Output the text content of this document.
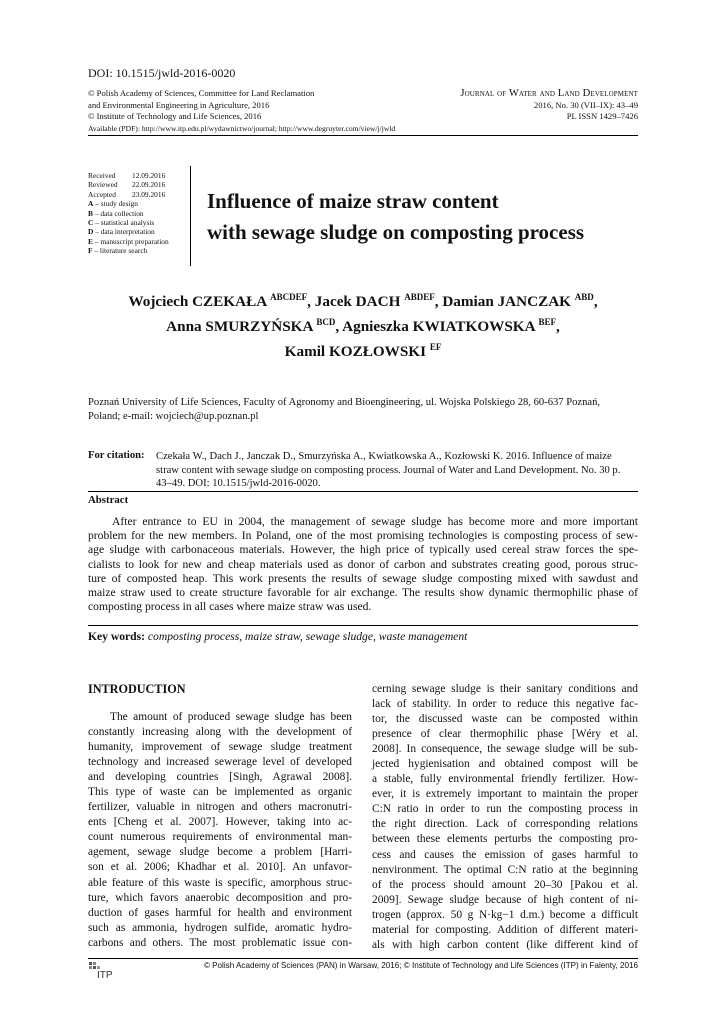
DOI: 10.1515/jwld-2016-0020
© Polish Academy of Sciences, Committee for Land Reclamation
and Environmental Engineering in Agriculture, 2016
© Institute of Technology and Life Sciences, 2016
Journal of Water and Land Development
2016, No. 30 (VII–IX): 43–49
PL ISSN 1429–7426
Available (PDF): http://www.itp.edu.pl/wydawnictwo/journal; http://www.degruyter.com/view/j/jwld
Received 12.09.2016
Reviewed 22.09.2016
Accepted 23.09.2016
A – study design
B – data collection
C – statistical analysis
D – data interpretation
E – manuscript preparation
F – literature search
Influence of maize straw content
with sewage sludge on composting process
Wojciech CZEKAŁA $^{ABCDEF}$, Jacek DACH $^{ABDEF}$, Damian JANCZAK $^{ABD}$,
Anna SMURZYŃSKA $^{BCD}$, Agnieszka KWIATKOWSKA $^{BEF}$,
Kamil KOZŁOWSKI $^{EF}$
Poznań University of Life Sciences, Faculty of Agronomy and Bioengineering, ul. Wojska Polskiego 28, 60-637 Poznań,
Poland; e-mail: wojciech@up.poznan.pl
For citation: Czekała W., Dach J., Janczak D., Smurzyńska A., Kwiatkowska A., Kozłowski K. 2016. Influence of maize
straw content with sewage sludge on composting process. Journal of Water and Land Development. No. 30 p.
43–49. DOI: 10.1515/jwld-2016-0020.
Abstract
After entrance to EU in 2004, the management of sewage sludge has become more and more important
problem for the new members. In Poland, one of the most promising technologies is composting process of sew-
age sludge with carbonaceous materials. However, the high price of typically used cereal straw forces the spe-
cialists to look for new and cheap materials used as donor of carbon and substrates creating good, porous struc-
ture of composted heap. This work presents the results of sewage sludge composting mixed with sawdust and
maize straw used to create structure favorable for air exchange. The results show dynamic thermophilic phase of
composting process in all cases where maize straw was used.
Key words: composting process, maize straw, sewage sludge, waste management
INTRODUCTION
The amount of produced sewage sludge has been
constantly increasing along with the development of
humanity, improvement of sewage sludge treatment
technology and increased sewerage level of developed
and developing countries [Singh, Agrawal 2008].
This type of waste can be implemented as organic
fertilizer, valuable in nitrogen and others macronutri-
ents [Cheng et al. 2007]. However, taking into ac-
count numerous requirements of environmental man-
agement, sewage sludge become a problem [Harri-
son et al. 2006; Khadhar et al. 2010]. An unfavor-
able feature of this waste is specific, amorphous struc-
ture, which favors anaerobic decomposition and pro-
duction of gases harmful for health and environment
such as ammonia, hydrogen sulfide, aromatic hydro-
carbons and others. The most problematic issue con-
cerning sewage sludge is their sanitary conditions and
lack of stability. In order to reduce this negative fac-
tor, the discussed waste can be composted within
presence of clear thermophilic phase [Wéry et al.
2008]. In consequence, the sewage sludge will be sub-
jected hygienisation and obtained compost will be
a stable, fully environmental friendly fertilizer. How-
ever, it is extremely important to maintain the proper
C:N ratio in order to run the composting process in
the right direction. Lack of corresponding relations
between these elements perturbs the composting pro-
cess and causes the emission of gases harmful to
nenvironment. The optimal C:N ratio at the beginning
of the process should amount 20–30 [Pakou et al.
2009]. Sewage sludge because of high content of ni-
trogen (approx. 50 g N·kg−1 d.m.) become a difficult
material for composting. Addition of different materi-
als with high carbon content (like different kind of
ITP
© Polish Academy of Sciences (PAN) in Warsaw, 2016; © Institute of Technology and Life Sciences (ITP) in Falenty, 2016
